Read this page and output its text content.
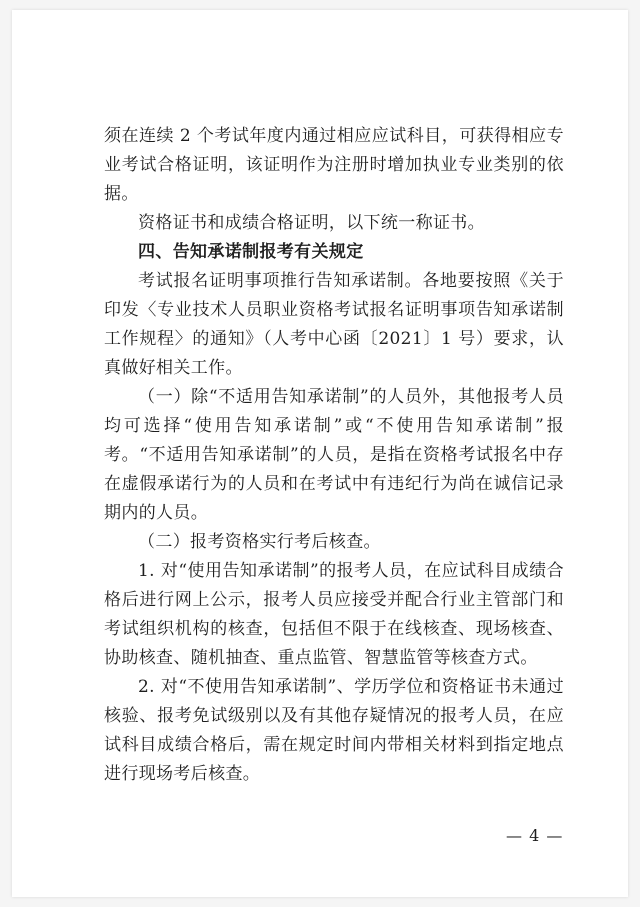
须在连续 2 个考试年度内通过相应应试科目，可获得相应专业考试合格证明，该证明作为注册时增加执业专业类别的依据。

资格证书和成绩合格证明，以下统一称证书。

四、告知承诺制报考有关规定

考试报名证明事项推行告知承诺制。各地要按照《关于印发〈专业技术人员职业资格考试报名证明事项告知承诺制工作规程〉的通知》（人考中心函〔2021〕1 号）要求，认真做好相关工作。

（一）除“不适用告知承诺制”的人员外，其他报考人员均可选择“使用告知承诺制”或“不使用告知承诺制”报考。“不适用告知承诺制”的人员，是指在资格考试报名中存在虚假承诺行为的人员和在考试中有违纪行为尚在诚信记录期内的人员。

（二）报考资格实行考后核查。

1. 对“使用告知承诺制”的报考人员，在应试科目成绩合格后进行网上公示，报考人员应接受并配合行业主管部门和考试组织机构的核查，包括但不限于在线核查、现场核查、协助核查、随机抽查、重点监管、智慧监管等核查方式。

2. 对“不使用告知承诺制”、学历学位和资格证书未通过核验、报考免试级别以及有其他存疑情况的报考人员，在应试科目成绩合格后，需在规定时间内带相关材料到指定地点进行现场考后核查。

— 4 —
